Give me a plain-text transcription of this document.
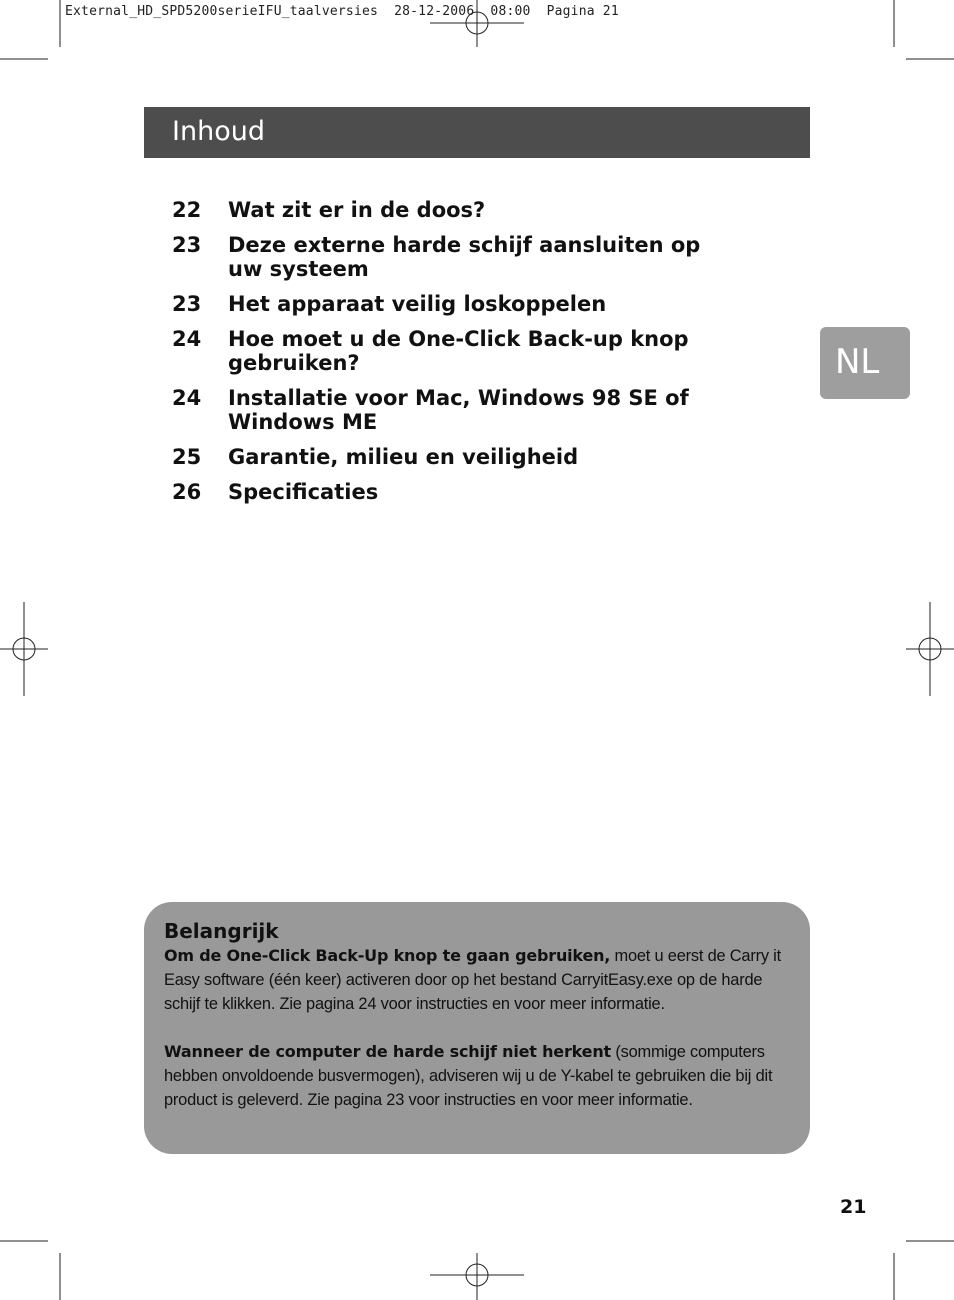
External_HD_SPD5200serieIFU_taalversies  28-12-2006  08:00  Pagina 21
Inhoud
22	Wat zit er in de doos?
23	Deze externe harde schijf aansluiten op uw systeem
23	Het apparaat veilig loskoppelen
24	Hoe moet u de One-Click Back-up knop gebruiken?
24	Installatie voor Mac, Windows 98 SE of Windows ME
25	Garantie, milieu en veiligheid
26	Specificaties
NL
Belangrijk

Om de One-Click Back-Up knop te gaan gebruiken, moet u eerst de Carry it Easy software (één keer) activeren door op het bestand CarryitEasy.exe op de harde schijf te klikken. Zie pagina 24 voor instructies en voor meer informatie.

Wanneer de computer de harde schijf niet herkent (sommige computers hebben onvoldoende busvermogen), adviseren wij u de Y-kabel te gebruiken die bij dit product is geleverd. Zie pagina 23 voor instructies en voor meer informatie.

21
